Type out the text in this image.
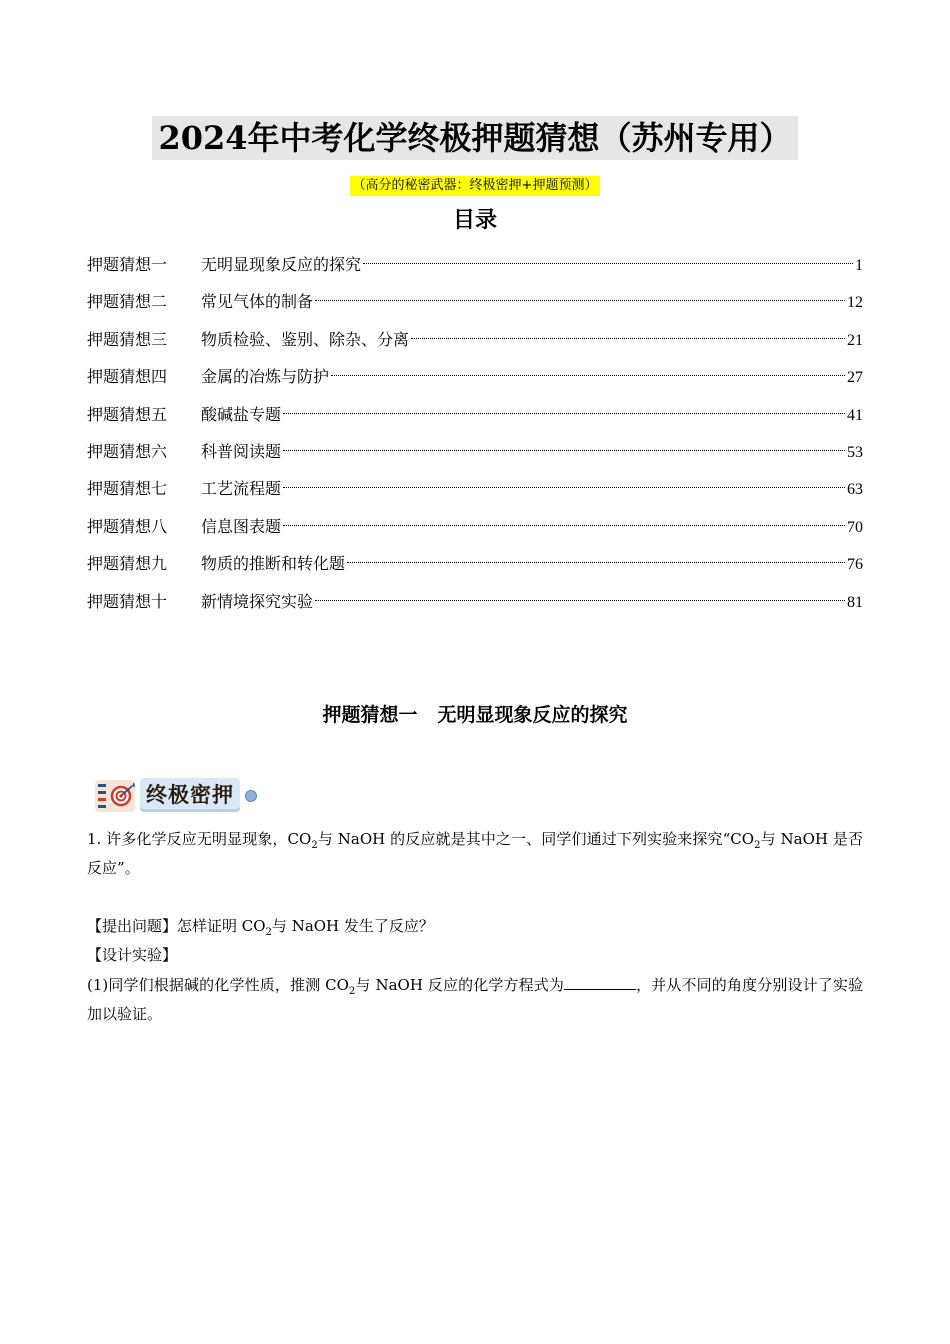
2024年中考化学终极押题猜想（苏州专用）
（高分的秘密武器：终极密押+押题预测）
目录
押题猜想一	无明显现象反应的探究	1
押题猜想二	常见气体的制备	12
押题猜想三	物质检验、鉴别、除杂、分离	21
押题猜想四	金属的冶炼与防护	27
押题猜想五	酸碱盐专题	41
押题猜想六	科普阅读题	53
押题猜想七	工艺流程题	63
押题猜想八	信息图表题	70
押题猜想九	物质的推断和转化题	76
押题猜想十	新情境探究实验	81
押题猜想一 无明显现象反应的探究
终极密押

1. 许多化学反应无明显现象，$CO_2$与 NaOH 的反应就是其中之一、同学们通过下列实验来探究“$CO_2$与 NaOH 是否反应”。

【提出问题】怎样证明 $CO_2$与 NaOH 发生了反应？

【设计实验】

(1)同学们根据碱的化学性质，推测 $CO_2$与 NaOH 反应的化学方程式为	，并从不同的角度分别设计了实验加以验证。
